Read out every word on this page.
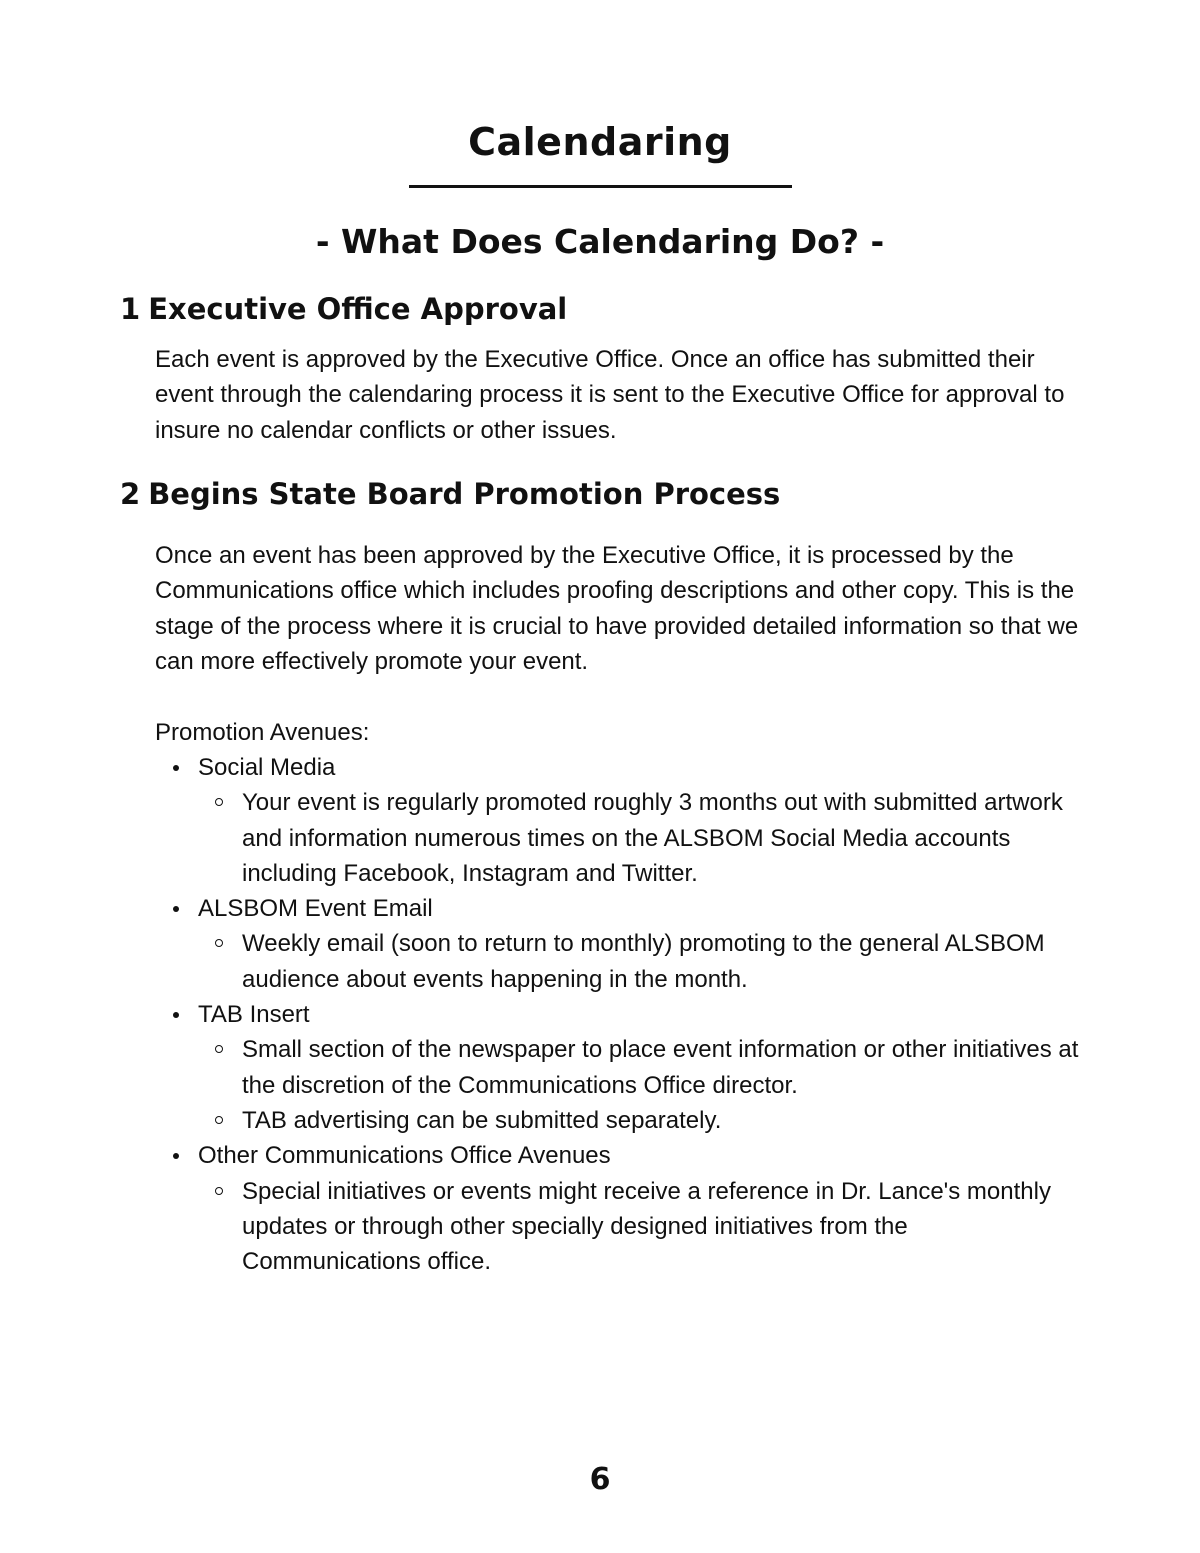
Calendaring
- What Does Calendaring Do? -
1 Executive Office Approval

Each event is approved by the Executive Office. Once an office has submitted their event through the calendaring process it is sent to the Executive Office for approval to insure no calendar conflicts or other issues.

2 Begins State Board Promotion Process

Once an event has been approved by the Executive Office, it is processed by the Communications office which includes proofing descriptions and other copy. This is the stage of the process where it is crucial to have provided detailed information so that we can more effectively promote your event.

Promotion Avenues:

Social Media
Your event is regularly promoted roughly 3 months out with submitted artwork and information numerous times on the ALSBOM Social Media accounts including Facebook, Instagram and Twitter.
ALSBOM Event Email
Weekly email (soon to return to monthly) promoting to the general ALSBOM audience about events happening in the month.
TAB Insert
Small section of the newspaper to place event information or other initiatives at the discretion of the Communications Office director.
TAB advertising can be submitted separately.
Other Communications Office Avenues
Special initiatives or events might receive a reference in Dr. Lance's monthly updates or through other specially designed initiatives from the Communications office.
6
